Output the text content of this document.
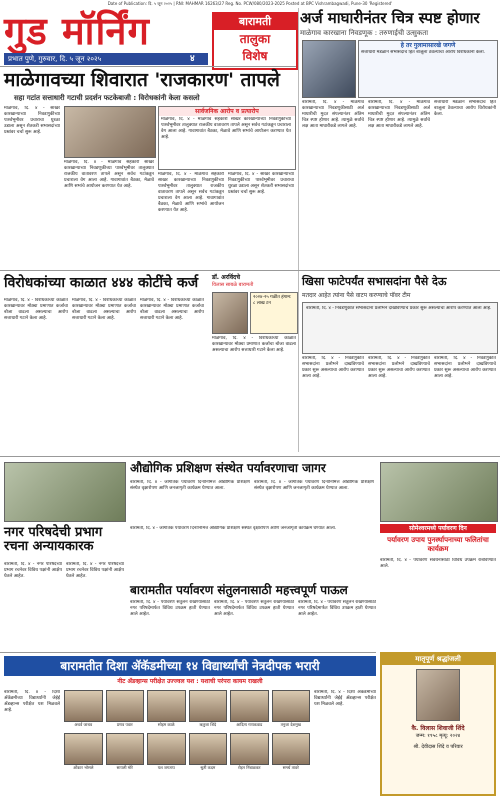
Date of Publication: दि. ५ जून २०२५ | RNI: MAHMAR 16263/27 Reg. No. PCW/080/2023-2025 Posted at BPC Vishrambagwadi, Pune-30 'Registered'
गुड मॉर्निंग
प्रभात पुणे, गुरुवार, दि. ५ जून २०२५	४
बारामती
तालुका
विशेष
अर्ज माघारीनंतर चित्र स्पष्ट होणार
माळेगाव कारखाना निवडणूक : तरुणाईची उत्सुकता
माळेगावच्या शिवारात 'राजकारण' तापले
सहा गटांत सत्ताधारी गटाची प्रदर्शन फटकेबाजी : विरोधकांनी केला कसलो
माळेगाव, दि. ४ - साखर कारखान्याच्या निवडणुकीच्या पार्श्वभूमीवर प्रचाराचा धुरळा उडाला असून शेतकरी सभासदांच्या प्रश्नांवर चर्चा सुरू आहे.
माळेगाव, दि. ४ - माळेगाव सहकारी साखर कारखान्याच्या निवडणुकीच्या पार्श्वभूमीवर तालुक्यात राजकीय वातावरण तापले असून सर्वच गटांकडून प्रचाराला वेग आला आहे. गावागावांत बैठका, मेळावे आणि सभांचे आयोजन करण्यात येत आहे.
सार्वजनिक आरोप व प्रत्यारोप
माळेगाव, दि. ४ - माळेगाव सहकारी साखर कारखान्याच्या निवडणुकीच्या पार्श्वभूमीवर तालुक्यात राजकीय वातावरण तापले असून सर्वच गटांकडून प्रचाराला वेग आला आहे. गावागावांत बैठका, मेळावे आणि सभांचे आयोजन करण्यात येत आहे.
माळेगाव, दि. ४ - माळेगाव सहकारी साखर कारखान्याच्या निवडणुकीच्या पार्श्वभूमीवर तालुक्यात राजकीय वातावरण तापले असून सर्वच गटांकडून प्रचाराला वेग आला आहे. गावागावांत बैठका, मेळावे आणि सभांचे आयोजन करण्यात येत आहे.
माळेगाव, दि. ४ - साखर कारखान्याच्या निवडणुकीच्या पार्श्वभूमीवर प्रचाराचा धुरळा उडाला असून शेतकरी सभासदांच्या प्रश्नांवर चर्चा सुरू आहे.
हे तर गुलामासारखे जगणे
सत्ताधारी मंडळाने सभासदांचे हित बाजूला ठेवल्याचा आरोप विरोधकांनी केला.
बारामती, दि. ४ - माळेगाव कारखान्याच्या निवडणुकीसाठी अर्ज माघारीची मुदत संपल्यानंतर अंतिम चित्र स्पष्ट होणार आहे. त्यामुळे सर्वांचे लक्ष आता माघारीकडे लागले आहे.
बारामती, दि. ४ - माळेगाव कारखान्याच्या निवडणुकीसाठी अर्ज माघारीची मुदत संपल्यानंतर अंतिम चित्र स्पष्ट होणार आहे. त्यामुळे सर्वांचे लक्ष आता माघारीकडे लागले आहे.
सत्ताधारी मंडळाने सभासदांचे हित बाजूला ठेवल्याचा आरोप विरोधकांनी केला.
विरोधकांच्या काळात ४४४ कोटींचे कर्ज
माळेगाव, दि. ४ - विरोधकांच्या काळात कारखान्यावर मोठ्या प्रमाणात कर्जाचा बोजा वाढला असल्याचा आरोप सत्ताधारी गटाने केला आहे.
माळेगाव, दि. ४ - विरोधकांच्या काळात कारखान्यावर मोठ्या प्रमाणात कर्जाचा बोजा वाढला असल्याचा आरोप सत्ताधारी गटाने केला आहे.
माळेगाव, दि. ४ - विरोधकांच्या काळात कारखान्यावर मोठ्या प्रमाणात कर्जाचा बोजा वाढला असल्याचा आरोप सत्ताधारी गटाने केला आहे.
डॉ. अरविंदचे
विलास साबळे बारामती
२०२४-२५ गळीत हंगाम: ८ लाख टन
माळेगाव, दि. ४ - विरोधकांच्या काळात कारखान्यावर मोठ्या प्रमाणात कर्जाचा बोजा वाढला असल्याचा आरोप सत्ताधारी गटाने केला आहे.
खिसा फाटेपर्यंत सभासदांना पैसे देऊ
मतदार आहेत त्यांना पैसे वाटप करण्याचे पॉवर टीम
बारामती, दि. ४ - निवडणुकीत सभासदांना प्रलोभने दाखविण्याचे प्रकार सुरू असल्याचा आरोप करण्यात आला आहे.
बारामती, दि. ४ - निवडणुकीत सभासदांना प्रलोभने दाखविण्याचे प्रकार सुरू असल्याचा आरोप करण्यात आला आहे.
बारामती, दि. ४ - निवडणुकीत सभासदांना प्रलोभने दाखविण्याचे प्रकार सुरू असल्याचा आरोप करण्यात आला आहे.
बारामती, दि. ४ - निवडणुकीत सभासदांना प्रलोभने दाखविण्याचे प्रकार सुरू असल्याचा आरोप करण्यात आला आहे.
औद्योगिक प्रशिक्षण संस्थेत पर्यावरणाचा जागर
बारामती, दि. ४ - जागतिक पर्यावरण दिनानिमित्त औद्योगिक प्रशिक्षण संस्थेत वृक्षारोपण आणि जनजागृती कार्यक्रम घेण्यात आला.
बारामती, दि. ४ - जागतिक पर्यावरण दिनानिमित्त औद्योगिक प्रशिक्षण संस्थेत वृक्षारोपण आणि जनजागृती कार्यक्रम घेण्यात आला.
नगर परिषदेची प्रभाग रचना अन्यायकारक
बारामती, दि. ४ - नगर परिषदेच्या प्रभाग रचनेवर विविध पक्षांनी आक्षेप घेतले आहेत.
बारामती, दि. ४ - नगर परिषदेच्या प्रभाग रचनेवर विविध पक्षांनी आक्षेप घेतले आहेत.
बारामती, दि. ४ - जागतिक पर्यावरण दिनानिमित्त औद्योगिक प्रशिक्षण संस्थेत वृक्षारोपण आणि जनजागृती कार्यक्रम घेण्यात आला.	सोमेश्वरमध्ये पर्यावरण दिन
पर्यावरण उपाय पुनर्स्थापनाच्या फलितांचा कार्यक्रम
बारामती, दि. ४ - पर्यावरण संवर्धनासाठी विविध उपक्रम राबविण्यात आले.
बारामतीत पर्यावरण संतुलनासाठी महत्त्वपूर्ण पाऊल
बारामती, दि. ४ - पर्यावरण संतुलन राखण्यासाठी नगर परिषदेमार्फत विविध उपक्रम हाती घेण्यात आले आहेत.
बारामती, दि. ४ - पर्यावरण संतुलन राखण्यासाठी नगर परिषदेमार्फत विविध उपक्रम हाती घेण्यात आले आहेत.
बारामती, दि. ४ - पर्यावरण संतुलन राखण्यासाठी नगर परिषदेमार्फत विविध उपक्रम हाती घेण्यात आले आहेत.
बारामतीत दिशा ॲकॅडमीच्या १४ विद्यार्थ्यांची नेत्रदीपक भरारी
नीट ॲडव्हान्स परीक्षेत उज्ज्वल यश : यशाची परंपरा कायम राखली
बारामती, दि. ४ - दिशा ॲकॅडमीच्या विद्यार्थ्यांनी जेईई ॲडव्हान्स परीक्षेत यश मिळवले आहे.
अथर्व जाधव	प्रणव पवार	सोहम काळे	ऋतुजा शिंदे	आदित्य गायकवाड	तनुजा देशमुख
ओंकार भोसले	सायली मोरे	यश जगताप	श्रुती कदम	रोहन निंबाळकर	समर्थ तावरे
बारामती, दि. ४ - दिशा ॲकॅडमीच्या विद्यार्थ्यांनी जेईई ॲडव्हान्स परीक्षेत यश मिळवले आहे.
मातृपूर्ण श्रद्धांजली
कै. विलास शिवाजी शिंदे
जन्म: १९५८ मृत्यू: २०२४
श्री. देवीदास शिंदे व परिवार
